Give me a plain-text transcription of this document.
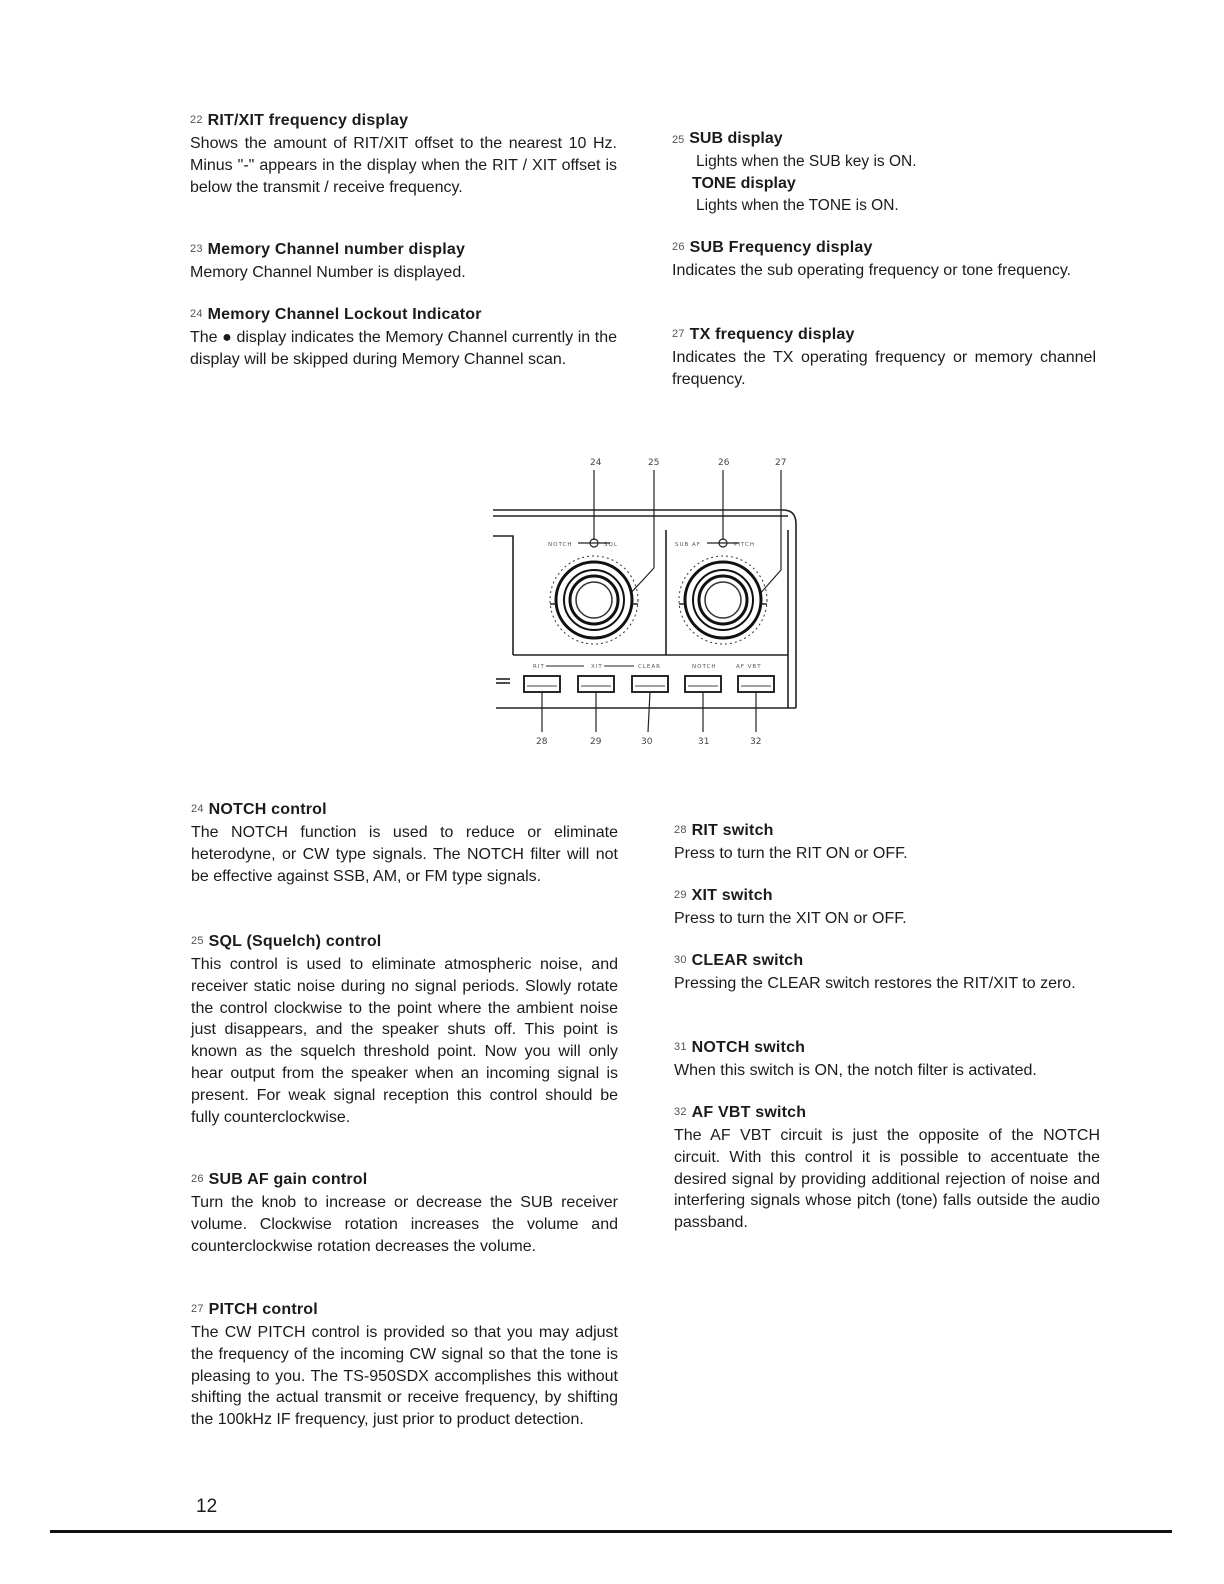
22 RIT/XIT frequency display

Shows the amount of RIT/XIT offset to the nearest 10 Hz. Minus "-" appears in the display when the RIT / XIT offset is below the transmit / receive frequency.

23 Memory Channel number display

Memory Channel Number is displayed.

24 Memory Channel Lockout Indicator

The ● display indicates the Memory Channel currently in the display will be skipped during Memory Channel scan.

25 SUB display
Lights when the SUB key is ON.
TONE display
Lights when the TONE is ON.
26 SUB Frequency display

Indicates the sub operating frequency or tone frequency.

27 TX frequency display

Indicates the TX operating frequency or memory channel frequency.

24	25	26	27
NOTCH	SQL	SUB AF	PITCH
RIT	XIT	CLEAR	NOTCH	AF VBT
28	29	30	31	32
24 NOTCH control

The NOTCH function is used to reduce or eliminate heterodyne, or CW type signals. The NOTCH filter will not be effective against SSB, AM, or FM type signals.

25 SQL (Squelch) control

This control is used to eliminate atmospheric noise, and receiver static noise during no signal periods. Slowly rotate the control clockwise to the point where the ambient noise just disappears, and the speaker shuts off. This point is known as the squelch threshold point. Now you will only hear output from the speaker when an incoming signal is present. For weak signal reception this control should be fully counterclockwise.

26 SUB AF gain control

Turn the knob to increase or decrease the SUB receiver volume. Clockwise rotation increases the volume and counterclockwise rotation decreases the volume.

27 PITCH control

The CW PITCH control is provided so that you may adjust the frequency of the incoming CW signal so that the tone is pleasing to you. The TS-950SDX accomplishes this without shifting the actual transmit or receive frequency, by shifting the 100kHz IF frequency, just prior to product detection.

28 RIT switch

Press to turn the RIT ON or OFF.

29 XIT switch

Press to turn the XIT ON or OFF.

30 CLEAR switch

Pressing the CLEAR switch restores the RIT/XIT to zero.

31 NOTCH switch

When this switch is ON, the notch filter is activated.

32 AF VBT switch

The AF VBT circuit is just the opposite of the NOTCH circuit. With this control it is possible to accentuate the desired signal by providing additional rejection of noise and interfering signals whose pitch (tone) falls outside the audio passband.

12
